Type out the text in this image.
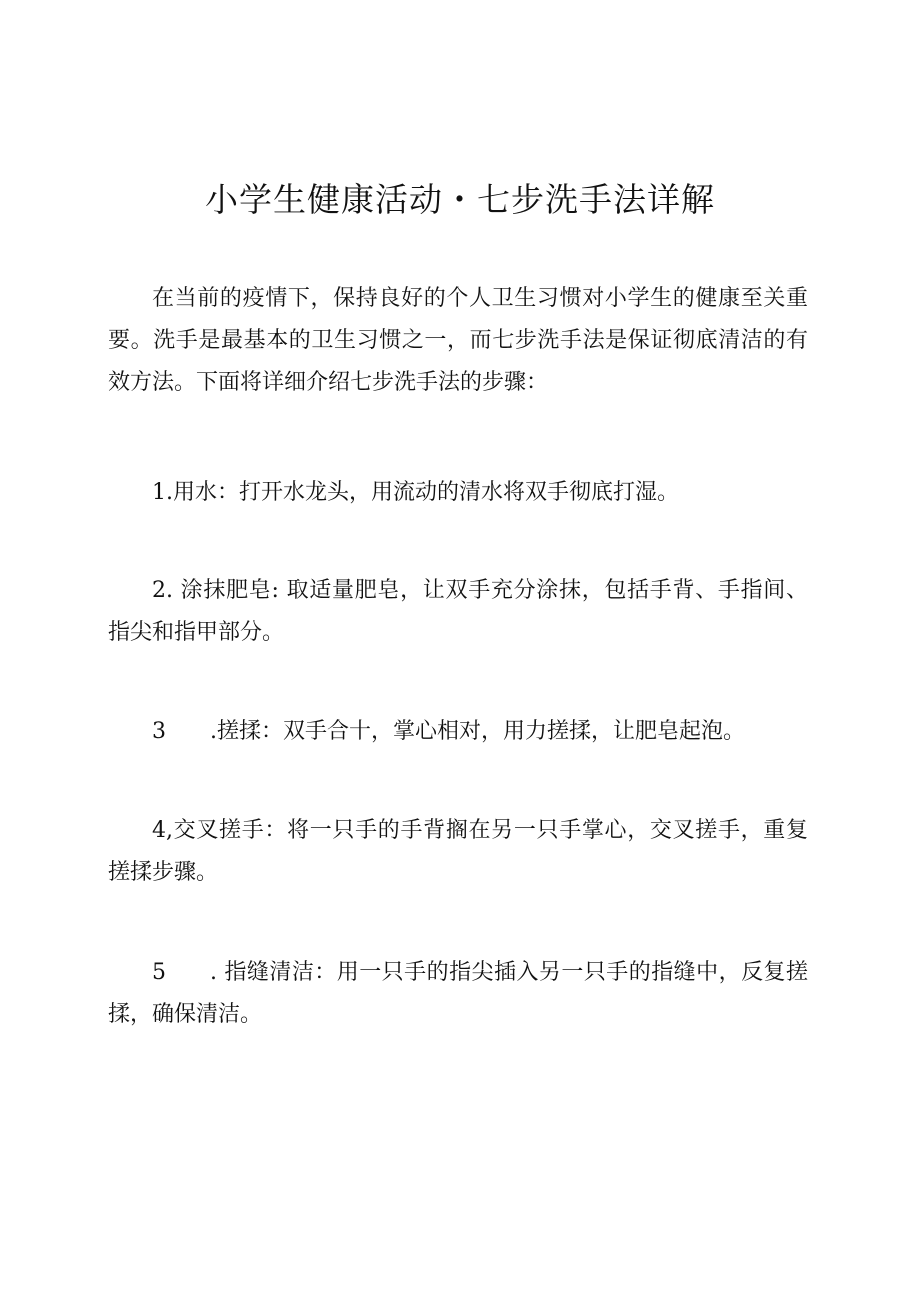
小学生健康活动・七步洗手法详解

在当前的疫情下，保持良好的个人卫生习惯对小学生的健康至关重要。洗手是最基本的卫生习惯之一，而七步洗手法是保证彻底清洁的有效方法。下面将详细介绍七步洗手法的步骤：

1.用水：打开水龙头，用流动的清水将双手彻底打湿。

2. 涂抹肥皂: 取适量肥皂，让双手充分涂抹，包括手背、手指间、指尖和指甲部分。

3 .搓揉：双手合十，掌心相对，用力搓揉，让肥皂起泡。

4,交叉搓手：将一只手的手背搁在另一只手掌心，交叉搓手，重复搓揉步骤。

5 . 指缝清洁：用一只手的指尖插入另一只手的指缝中，反复搓揉，确保清洁。
